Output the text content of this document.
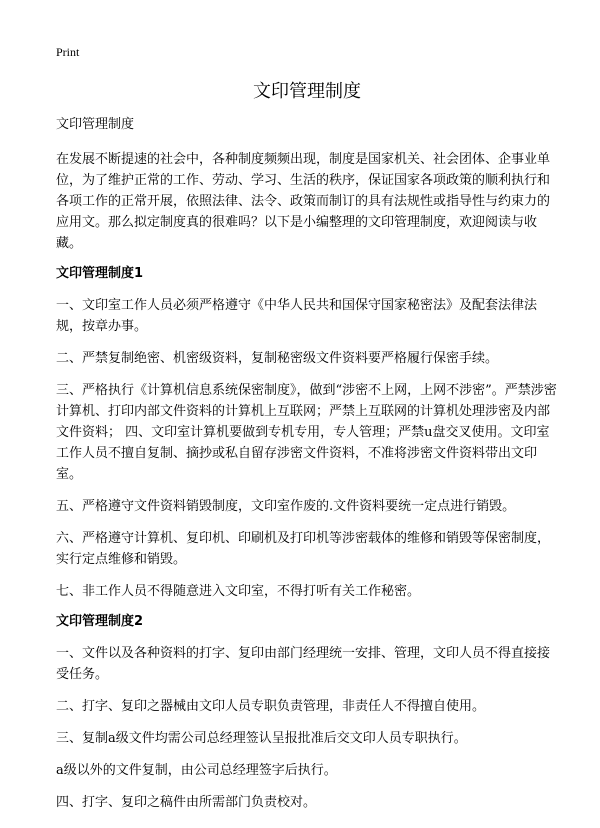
Print
文印管理制度
文印管理制度

在发展不断提速的社会中，各种制度频频出现，制度是国家机关、社会团体、企事业单位，为了维护正常的工作、劳动、学习、生活的秩序，保证国家各项政策的顺利执行和各项工作的正常开展，依照法律、法令、政策而制订的具有法规性或指导性与约束力的应用文。那么拟定制度真的很难吗？以下是小编整理的文印管理制度，欢迎阅读与收藏。

文印管理制度1

一、文印室工作人员必须严格遵守《中华人民共和国保守国家秘密法》及配套法律法规，按章办事。

二、严禁复制绝密、机密级资料，复制秘密级文件资料要严格履行保密手续。

三、严格执行《计算机信息系统保密制度》，做到“涉密不上网，上网不涉密”。严禁涉密计算机、打印内部文件资料的计算机上互联网；严禁上互联网的计算机处理涉密及内部文件资料； 四、文印室计算机要做到专机专用，专人管理；严禁u盘交叉使用。文印室工作人员不擅自复制、摘抄或私自留存涉密文件资料，不准将涉密文件资料带出文印室。

五、严格遵守文件资料销毁制度，文印室作废的.文件资料要统一定点进行销毁。

六、严格遵守计算机、复印机、印刷机及打印机等涉密载体的维修和销毁等保密制度，实行定点维修和销毁。

七、非工作人员不得随意进入文印室，不得打听有关工作秘密。

文印管理制度2

一、文件以及各种资料的打字、复印由部门经理统一安排、管理，文印人员不得直接接受任务。

二、打字、复印之器械由文印人员专职负责管理，非责任人不得擅自使用。

三、复制a级文件均需公司总经理签认呈报批准后交文印人员专职执行。

a级以外的文件复制，由公司总经理签字后执行。

四、打字、复印之稿件由所需部门负责校对。
